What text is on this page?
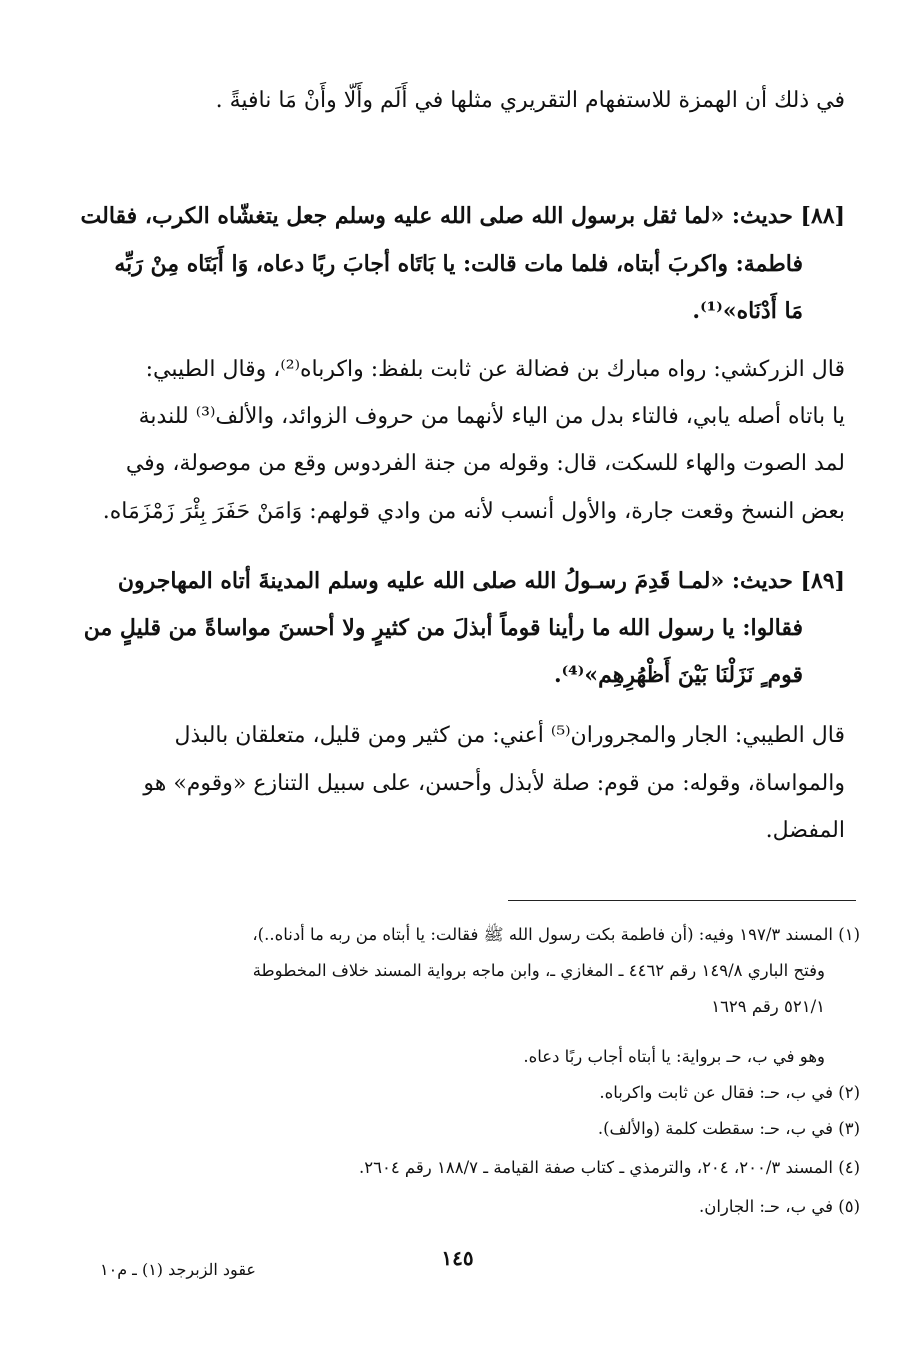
في ذلك أن الهمزة للاستفهام التقريري مثلها في أَلَم وأَلّا وأَنْ مَا نافيةً .
[٨٨] حديث: «لما ثقل برسول الله صلى الله عليه وسلم جعل يتغشّاه الكرب، فقالت
فاطمة: واكربَ أبتاه، فلما مات قالت: يا بَاتَاه أجابَ ربًا دعاه، وَا أَبَتَاه مِنْ رَبِّه
مَا أَدْنَاه»⁽¹⁾.
قال الزركشي: رواه مبارك بن فضالة عن ثابت بلفظ: واكرباه⁽²⁾، وقال الطيبي:
يا باتاه أصله يابي، فالتاء بدل من الياء لأنهما من حروف الزوائد، والألف⁽³⁾ للندبة
لمد الصوت والهاء للسكت، قال: وقوله من جنة الفردوس وقع من موصولة، وفي
بعض النسخ وقعت جارة، والأول أنسب لأنه من وادي قولهم: وَامَنْ حَفَرَ بِئْرَ زَمْزَمَاه.
[٨٩] حديث: «لمـا قَدِمَ رسـولُ الله صلى الله عليه وسلم المدينةَ أتاه المهاجرون
فقالوا: يا رسول الله ما رأينا قوماً أبذلَ من كثيرٍ ولا أحسنَ مواساةً من قليلٍ من
قوم ٍ نَزَلْنَا بَيْنَ أَظْهُرِهِم»⁽⁴⁾.
قال الطيبي: الجار والمجروران⁽⁵⁾ أعني: من كثير ومن قليل، متعلقان بالبذل
والمواساة، وقوله: من قوم: صلة لأبذل وأحسن، على سبيل التنازع «وقوم» هو
المفضل.
(١) المسند ١٩٧/٣ وفيه: (أن فاطمة بكت رسول الله ﷺ فقالت: يا أبتاه من ربه ما أدناه..)،
وفتح الباري ١٤٩/٨ رقم ٤٤٦٢ ـ المغازي ـ، وابن ماجه برواية المسند خلاف المخطوطة
٥٢١/١ رقم ١٦٢٩
وهو في ب، حـ برواية: يا أبتاه أجاب ربًا دعاه.
(٢) في ب، حـ: فقال عن ثابت واكرباه.
(٣) في ب، حـ: سقطت كلمة (والألف).
(٤) المسند ٢٠٠/٣، ٢٠٤، والترمذي ـ كتاب صفة القيامة ـ ١٨٨/٧ رقم ٢٦٠٤.
(٥) في ب، حـ: الجاران.
١٤٥
عقود الزبرجد (١) ـ م١٠
